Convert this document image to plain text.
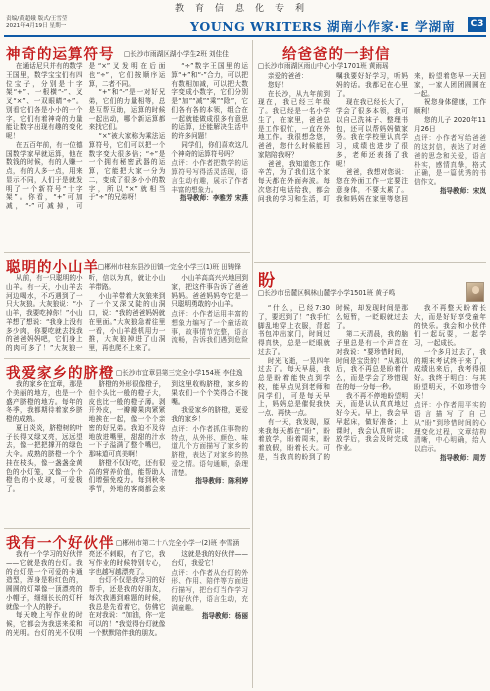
教育信息化专利
责编/黄超娥 版式/王雪莹
2021年4月19日 星期一	YOUNG WRITERS 湖南小作家·E 学湖南 C3
神奇的运算符号 □长沙市雨湖区湖小学生2班 刘佳佳

在通话尼只并有的数学王国里，数学宝宝们有四位宝子，分别是十字架“+”、一根横“-”、叉叉“×”、一双眼睛“÷”。别看它们各是小小的一个字，它们有着神奇的力量能让数字出现有趣的变化呢！

在五百年前，有一位德国数学家早就运算，他在数钱的时候，有的人赚一点，有的人多一点，用来显示不同，人们于是就发明了一个新符号“十字架”。你看，“+”可加减，“-”可减掉，可是“×”叉发明在后面也“÷”，它们按顺序运算，二者不同。

“+”和“-”是一对好兄弟，它们的力量相等，总是互帮互助，运算的时候一起出动，哪个新运算都来找它们。

“×”被大家称为乘法运算符号，它们可以把一个数字变大很多倍；“÷”是一个拥有秘密武器的运算，它能把大家一分为二，变成了很多小小的数字，所以“×”就相当于“÷”的兄弟呀！

“÷”数字王国里的运算“+”和“-”合力，可以把有数相加减，可以把大数字变成小数字，它们分别是“加”“减”“乘”“除”，它们各有各的本领，组合在一起就能做成很多有意思的运算，还能解决生活中的许多问题！

同学们，你们喜欢这几个神奇的运算符号吗？

点评：小作者把数学的运算符号写得活灵活现，语言生动有趣，展示了作者丰富的想象力。
指导教师：李雅芳 宋燕
聪明的小山羊 □郴州市桂东县沙田镇一完全小学三(1)班 田铸锋

从前，有一只聪明的小山羊。有一天，小山羊去河边喝水，不巧遇到了一只大灰狼。大灰狼说：“小山羊，我要吃掉你！”小山羊想了想说：“我身上没有多少肉，你要吃就去找我的爸爸妈妈吧，它们身上的肉可多了！”大灰狼一听，信以为真，就让小山羊带路。

小山羊带着大灰狼来到了一个又深又陡的山洞口，说：“我的爸爸妈妈就在里面。”大灰狼急着往里一看，小山羊趁机用力一推，大灰狼掉进了山洞里，再也爬不上来了。

小山羊高高兴兴地回到家，把这件事告诉了爸爸妈妈。爸爸妈妈夸它是一只聪明勇敢的小山羊。

点评：小作者运用丰富的想象力编写了一个童话故事，故事情节完整，语言流畅，告诉我们遇到危险
我爱家乡的脐橙 □长沙市宜章县第三完全小学154班 李佳逸

我的家乡在宜章，那是个美丽的地方，也是一个盛产脐橙的地方。每年的冬季，我都期待着家乡脐橙的成熟。

夏日炎炎，脐橙树的叶子长得又绿又亮，远远望去，像一把把撑开的绿色大伞。成熟的脐橙一个个挂在枝头，像一盏盏金黄色的小灯笼，又像一个个橙色的小皮球，可爱极了。

脐橙的外形很像橙子，但个头比一般的橙子大，皮也比一般的橙子薄。剥开外皮，一瓣瓣果肉紧紧地挨在一起，像一个个亲密的好兄弟。我迫不及待地放进嘴里，甜甜的汁水一下子溢满了整个嘴巴，那味道可真美啊！

脐橙不仅好吃，还有很高的营养价值，能帮助人们增强免疫力。每到秋冬季节，外地的客商都会来到这里收购脐橙，家乡的果农们一个个笑得合不拢嘴。

我爱家乡的脐橙，更爱我的家乡！

点评：小作者抓住事物的特点，从外形、颜色、味道几个方面描写了家乡的脐橙，表达了对家乡的热爱之情。语句通顺，条理清楚。
指导教师：陈利婷
我有一个好伙伴 □郴州市第二十八完全小学一(2)班 李雪涵

我有一个学习的好伙伴——它就是我的台灯。我的台灯是一个可爱的卡通造型，浑身是粉红色的，圆圆的灯罩像一顶漂亮的小帽子，细细长长的灯杆就像一个人的脖子。

每天晚上写作业的时候，它都会为我送来柔和的光明。台灯的光不仅明亮还不刺眼，有了它，我写作业的时候特别专心，字也越写越漂亮了。

台灯不仅是我学习的好帮手，还是我的好朋友，每次我遇到难题的时候，我总是先看着它，仿佛它在对我说：“加油，你一定可以的！”我觉得台灯就像一个默默陪伴我的朋友。

这就是我的好伙伴——台灯，我爱它！

点评：小作者从台灯的外形、作用、陪伴等方面进行描写，把台灯当作学习的好伙伴，语言生动，充满童趣。
指导教师：杨丽
给爸爸的一封信
□长沙市雨湖区雨山中心小学1701班 黄雨瑶

亲爱的爸爸：

您好！

在长沙，从九年前到现在，我已经三年级了。我已经是一名小学生了，在家里，爸爸总是工作很忙，一直在外地工作。我很想念您，爸爸，您什么时候能回家陪陪我呀？

爸爸，我知道您工作辛苦，为了我们这个家每天都在外面奔波。每次您打电话给我，都会问我的学习和生活，叮嘱我要好好学习，听妈妈的话。我都记在心里了。

现在我已经长大了，学会了很多本领，我可以自己洗袜子、整理书包，还可以帮妈妈做家务。我在学校里认真学习，成绩也进步了很多，老师还表扬了我呢！

爸爸，我想对您说：您在外面工作一定要注意身体，不要太累了。我和妈妈在家里等您回来，盼望着您早一天回家，一家人团团圆圆在一起。

祝您身体健康，工作顺利！

您的儿子 2020年11月26日

点评：小作者写给爸爸的这封信，表达了对爸爸的思念和关爱，语言朴实，感情真挚，格式正确，是一篇优秀的书信作文。
指导教师：宋岚
盼
□长沙市岳麓区枫林山麓学小学1501班 黄子鸣

“什么，已经7:30了，要迟到了！”我手忙脚乱地穿上衣服，背起书包冲出家门，时间过得真快，总是一眨眼就过去了。

时光飞逝，一晃四年过去了。每天早晨，我总是盼着能快点到学校，能早点见到老师和同学们，可是每天早上，妈妈总是催促我快一点、再快一点。

有一天，我发现，原来我每天都在“盼”，盼着放学，盼着周末，盼着放假，盼着长大。可是，当我真的盼到了的时候，却发现时间是那么短暂，一眨眼就过去了。

第二天清晨，我的脑子里总是有一个声音在对我说：“要珍惜时间，时间是宝贵的！”从那以后，我不再总是盼着什么，而是学会了珍惜现在的每一分每一秒。

我不再不停地盼望明天，而是认认真真地过好今天。早上，我会早早起床，做好准备；上课时，我会认真听讲；放学后，我会及时完成作业。

我不再整天盼着长大，而是好好享受童年的快乐。我会和小伙伴们一起玩耍，一起学习，一起成长。

一个多月过去了，我的期末考试终于来了，成绩出来后，我考得很好。我终于明白：与其盼望明天，不如珍惜今天！

点评：小作者用平实的语言描写了自己从“盼”到珍惜时间的心理变化过程，文章结构清晰，中心明确，给人以启示。
指导教师：周芳
